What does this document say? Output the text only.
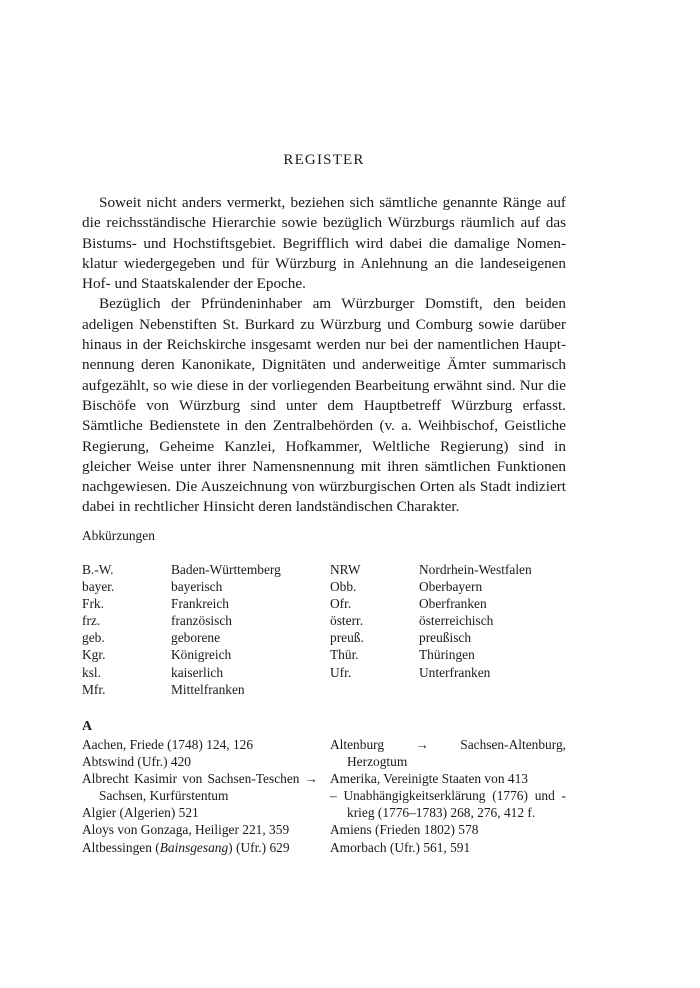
REGISTER

Soweit nicht anders vermerkt, beziehen sich sämtliche genannte Ränge auf die reichsständische Hierarchie sowie bezüglich Würzburgs räumlich auf das Bistums- und Hochstiftsgebiet. Begrifflich wird dabei die damalige Nomenklatur wiedergegeben und für Würzburg in Anlehnung an die landeseigenen Hof- und Staatskalender der Epoche.

Bezüglich der Pfründeninhaber am Würzburger Domstift, den beiden adeligen Nebenstiften St. Burkard zu Würzburg und Comburg sowie darüber hinaus in der Reichskirche insgesamt werden nur bei der namentlichen Hauptnennung deren Kanonikate, Dignitäten und anderweitige Ämter summarisch aufgezählt, so wie diese in der vorliegenden Bearbeitung erwähnt sind. Nur die Bischöfe von Würzburg sind unter dem Hauptbetreff Würzburg erfasst. Sämtliche Bedienstete in den Zentralbehörden (v. a. Weihbischof, Geistliche Regierung, Geheime Kanzlei, Hofkammer, Weltliche Regierung) sind in gleicher Weise unter ihrer Namensnennung mit ihren sämtlichen Funktionen nachgewiesen. Die Auszeichnung von würzburgischen Orten als Stadt indiziert dabei in rechtlicher Hinsicht deren landständischen Charakter.

Abkürzungen
B.-W.	Baden-Württemberg
bayer.	bayerisch
Frk.	Frankreich
frz.	französisch
geb.	geborene
Kgr.	Königreich
ksl.	kaiserlich
Mfr.	Mittelfranken
NRW	Nordrhein-Westfalen
Obb.	Oberbayern
Ofr.	Oberfranken
österr.	österreichisch
preuß.	preußisch
Thür.	Thüringen
Ufr.	Unterfranken
A
Aachen, Friede (1748) 124, 126
Abtswind (Ufr.) 420
Albrecht Kasimir von Sachsen-Teschen → Sachsen, Kurfürstentum
Algier (Algerien) 521
Aloys von Gonzaga, Heiliger 221, 359
Altbessingen (Bainsgesang) (Ufr.) 629
Altenburg → Sachsen-Altenburg, Herzogtum
Amerika, Vereinigte Staaten von 413
– Unabhängigkeitserklärung (1776) und -krieg (1776–1783) 268, 276, 412 f.
Amiens (Frieden 1802) 578
Amorbach (Ufr.) 561, 591
